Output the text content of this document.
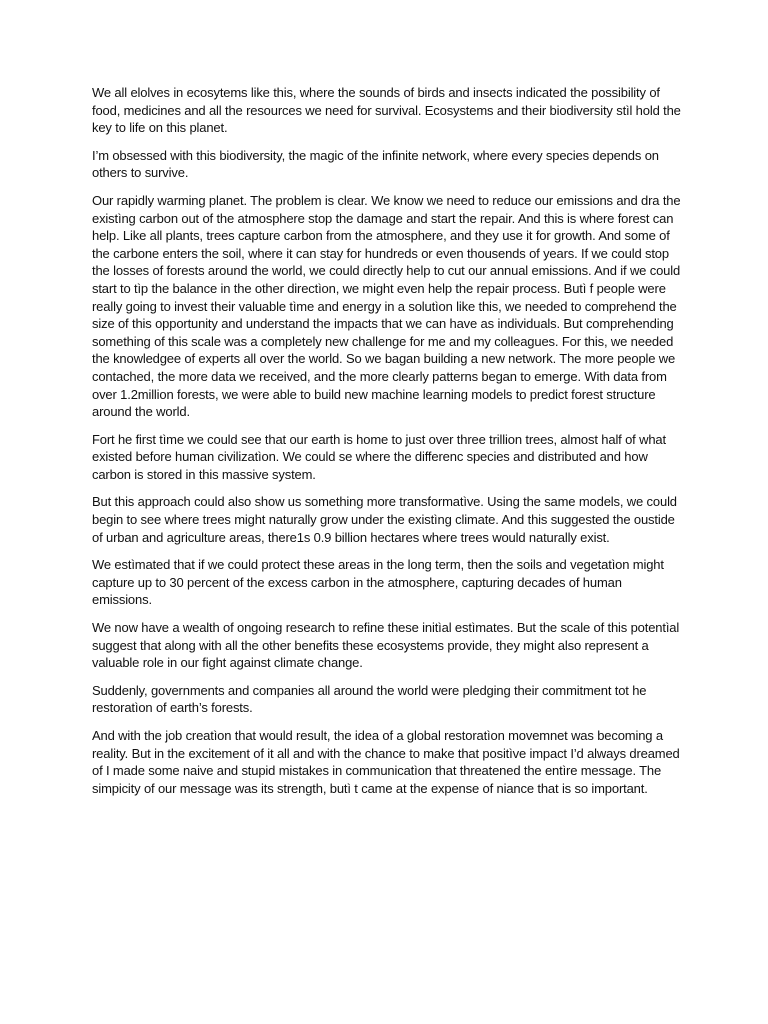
We all elolves in ecosytems like this, where the sounds of birds and insects indicated the possibility of food, medicines and all the resources we need for survival. Ecosystems and their biodiversity stìl hold the key to life on this planet.

I’m obsessed with this biodiversity, the magic of the infinite network, where every species depends on others to survive.

Our rapidly warming planet. The problem is clear. We know we need to reduce our emissions and dra the existìng carbon out of the atmosphere stop the damage and start the repair. And this is where forest can help. Like all plants, trees capture carbon from the atmosphere, and they use it for growth. And some of the carbone enters the soil, where it can stay for hundreds or even thousends of years. If we could stop the losses of forests around the world, we could directly help to cut our annual emissions. And if we could start to tìp the balance in the other directìon, we might even help the repair process. Butì f people were really going to invest their valuable tìme and energy in a solutìon like this, we needed to comprehend the size of this opportunity and understand the impacts that we can have as individuals. But comprehending something of this scale was a completely new challenge for me and my colleagues. For this, we needed the knowledgee of experts all over the world. So we bagan building a new network. The more people we contached, the more data we received, and the more clearly patterns began to emerge. With data from over 1.2million forests, we were able to build new machine learning models to predict forest structure around the world.

Fort he first tìme we could see that our earth is home to just over three trillion trees, almost half of what existed before human civilizatìon. We could se where the differenc species and distributed and how carbon is stored in this massive system.

But this approach could also show us something more transformatìve. Using the same models, we could begin to see where trees might naturally grow under the existìng climate. And this suggested the oustide of urban and agriculture areas, there1s 0.9 billion hectares where trees would naturally exist.

We estìmated that if we could protect these areas in the long term, then the soils and vegetatìon might capture up to 30 percent of the excess carbon in the atmosphere, capturing decades of human emissions.

We now have a wealth of ongoing research to refine these initìal estìmates. But the scale of this potentìal suggest that along with all the other benefits these ecosystems provide, they might also represent a valuable role in our fight against climate change.

Suddenly, governments and companies all around the world were pledging their commitment tot he restoratìon of earth’s forests.

And with the job creatìon that would result, the idea of a global restoratìon movemnet was becoming a reality. But in the excitement of it all and with the chance to make that positìve impact I’d always dreamed of I made some naive and stupid mistakes in communicatìon that threatened the entìre message. The simpicity of our message was its strength, butì t came at the expense of niance that is so important.
